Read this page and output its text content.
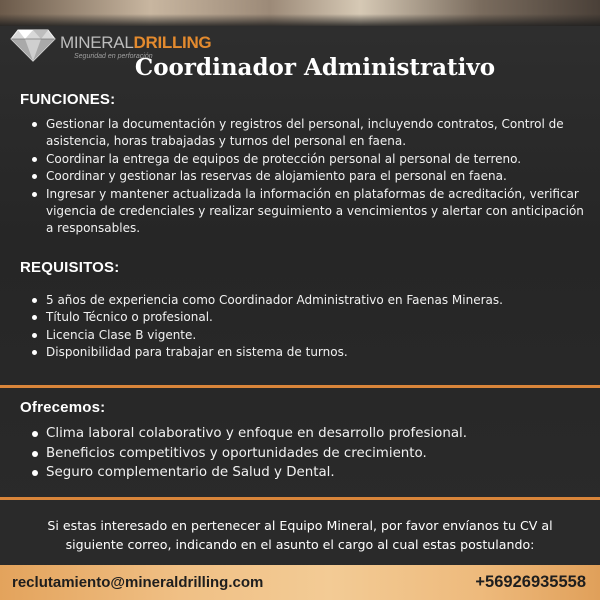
MINERALDRILLING
Seguridad en perforación
Coordinador Administrativo
FUNCIONES:
Gestionar la documentación y registros del personal, incluyendo contratos, Control de asistencia, horas trabajadas y turnos del personal en faena.
Coordinar la entrega de equipos de protección personal al personal de terreno.
Coordinar y gestionar las reservas de alojamiento para el personal en faena.
Ingresar y mantener actualizada la información en plataformas de acreditación, verificar vigencia de credenciales y realizar seguimiento a vencimientos y alertar con anticipación a responsables.
REQUISITOS:
5 años de experiencia como Coordinador Administrativo en Faenas Mineras.
Título Técnico o profesional.
Licencia Clase B vigente.
Disponibilidad para trabajar en sistema de turnos.
Ofrecemos:
Clima laboral colaborativo y enfoque en desarrollo profesional.
Beneficios competitivos y oportunidades de crecimiento.
Seguro complementario de Salud y Dental.
Si estas interesado en pertenecer al Equipo Mineral, por favor envíanos tu CV al
siguiente correo, indicando en el asunto el cargo al cual estas postulando:
reclutamiento@mineraldrilling.com	+56926935558
